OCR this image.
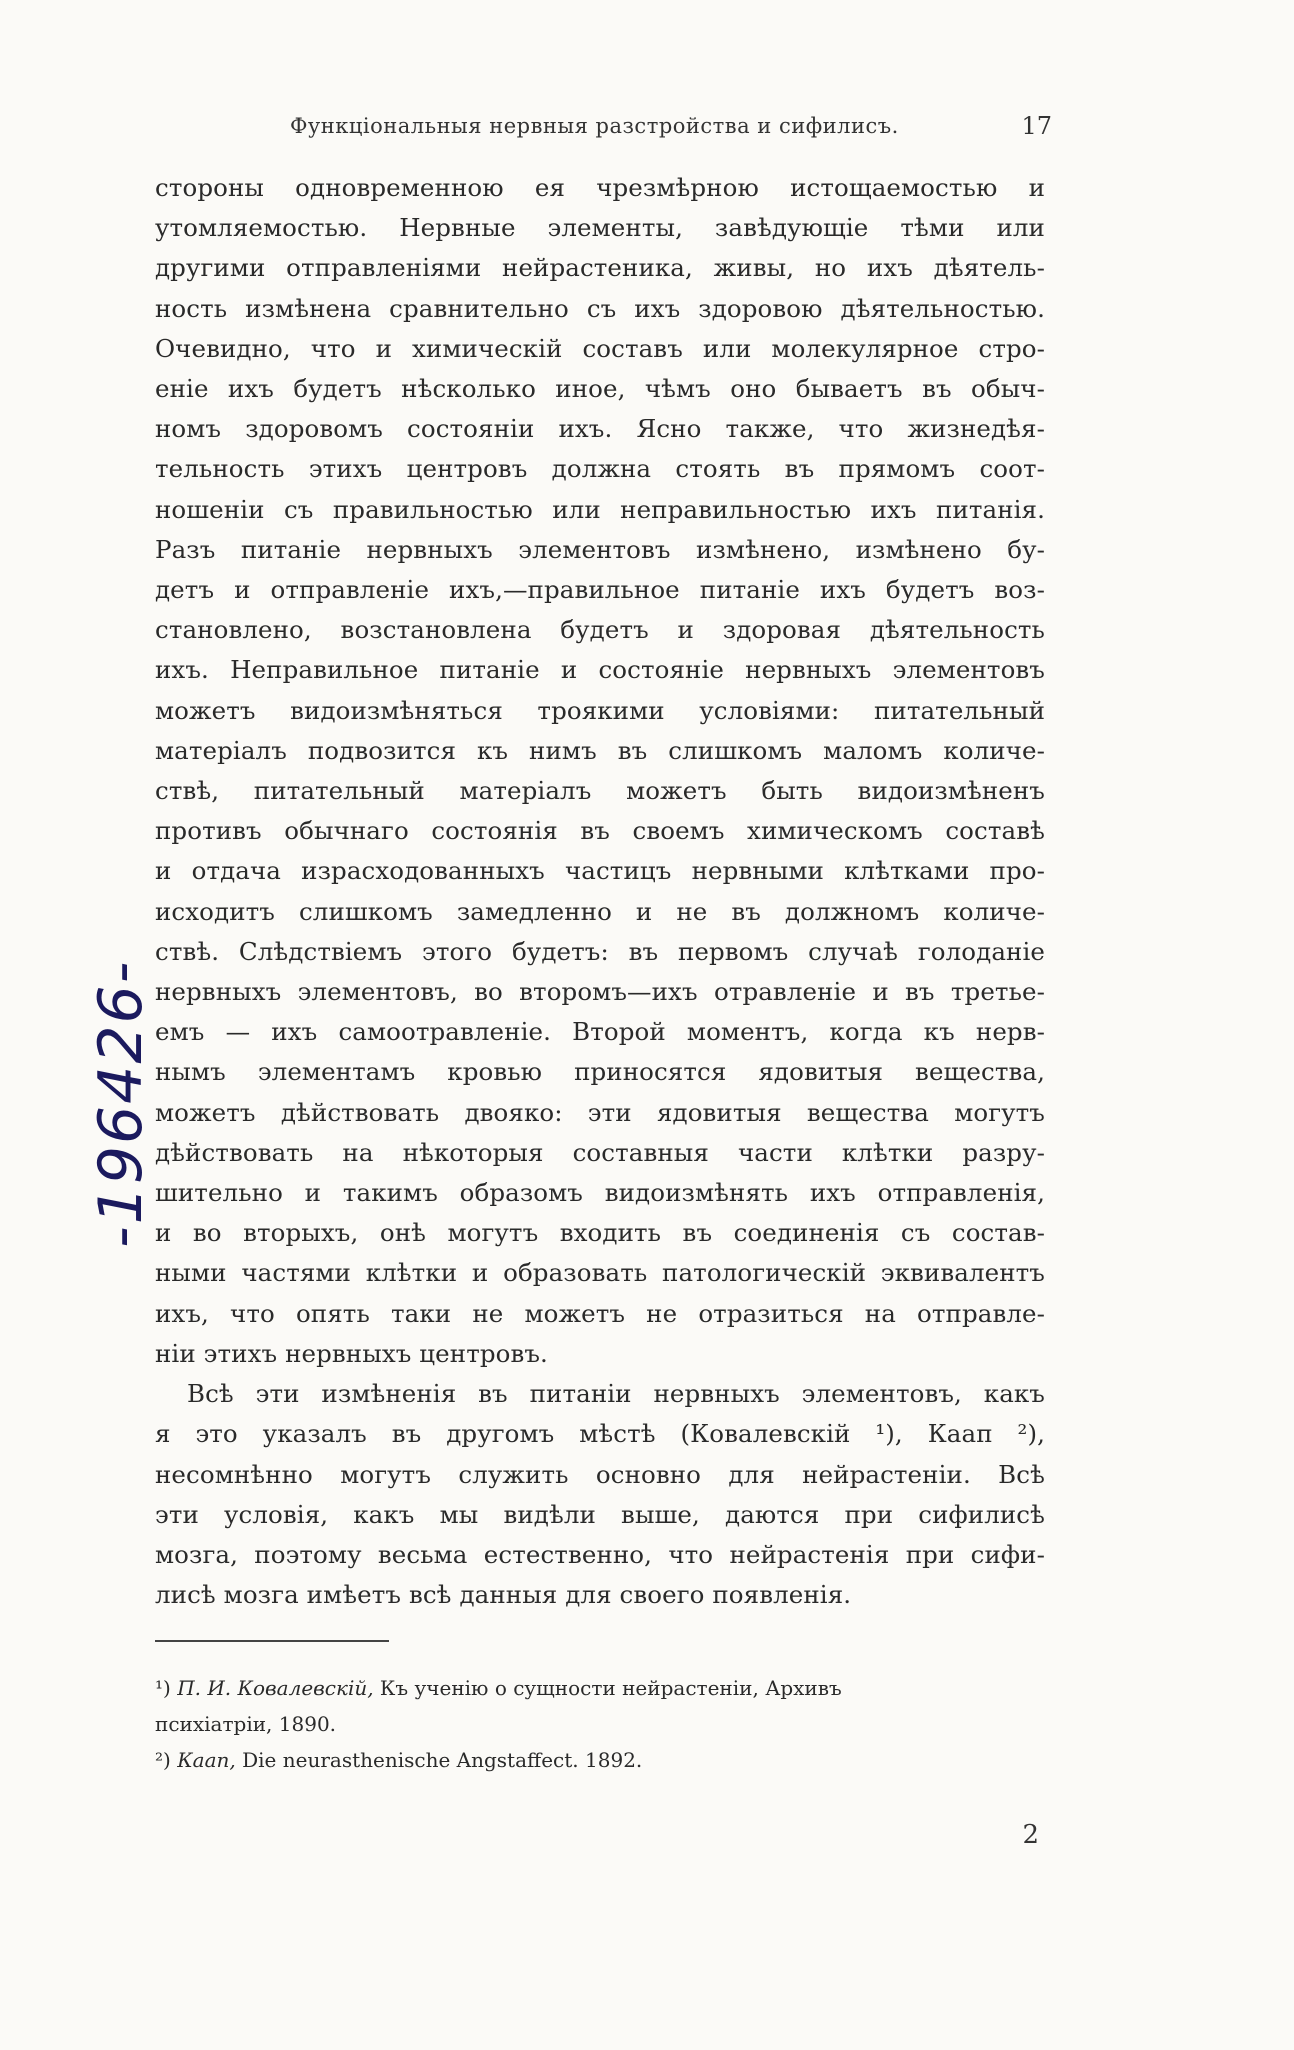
Функціональныя нервныя разстройства и сифилисъ.	17

стороны одновременною ея чрезмѣрною истощаемостью и

утомляемостью. Нервные элементы, завѣдующіе тѣми или

другими отправленіями нейрастеника, живы, но ихъ дѣятель-

ность измѣнена сравнительно съ ихъ здоровою дѣятельностью.

Очевидно, что и химическій составъ или молекулярное стро-

еніе ихъ будетъ нѣсколько иное, чѣмъ оно бываетъ въ обыч-

номъ здоровомъ состояніи ихъ. Ясно также, что жизнедѣя-

тельность этихъ центровъ должна стоять въ прямомъ соот-

ношеніи съ правильностью или неправильностью ихъ питанія.

Разъ питаніе нервныхъ элементовъ измѣнено, измѣнено бу-

детъ и отправленіе ихъ,—правильное питаніе ихъ будетъ воз-

становлено, возстановлена будетъ и здоровая дѣятельность

ихъ. Неправильное питаніе и состояніе нервныхъ элементовъ

можетъ видоизмѣняться троякими условіями: питательный

матеріалъ подвозится къ нимъ въ слишкомъ маломъ количе-

ствѣ, питательный матеріалъ можетъ быть видоизмѣненъ

противъ обычнаго состоянія въ своемъ химическомъ составѣ

и отдача израсходованныхъ частицъ нервными клѣтками про-

исходитъ слишкомъ замедленно и не въ должномъ количе-

ствѣ. Слѣдствіемъ этого будетъ: въ первомъ случаѣ голоданіе

нервныхъ элементовъ, во второмъ—ихъ отравленіе и въ третье-

емъ — ихъ самоотравленіе. Второй моментъ, когда къ нерв-

нымъ элементамъ кровью приносятся ядовитыя вещества,

можетъ дѣйствовать двояко: эти ядовитыя вещества могутъ

дѣйствовать на нѣкоторыя составныя части клѣтки разру-

шительно и такимъ образомъ видоизмѣнять ихъ отправленія,

и во вторыхъ, онѣ могутъ входить въ соединенія съ состав-

ными частями клѣтки и образовать патологическій эквивалентъ

ихъ, что опять таки не можетъ не отразиться на отправле-

ніи этихъ нервныхъ центровъ.

Всѣ эти измѣненія въ питаніи нервныхъ элементовъ, какъ

я это указалъ въ другомъ мѣстѣ (Ковалевскій ¹), Каап ²),

несомнѣнно могутъ служить основно для нейрастеніи. Всѣ

эти условія, какъ мы видѣли выше, даются при сифилисѣ

мозга, поэтому весьма естественно, что нейрастенія при сифи-

лисѣ мозга имѣетъ всѣ данныя для своего появленія.

¹) П. И. Ковалевскій, Къ ученію о сущности нейрастеніи, Архивъ

психіатріи, 1890.

²) Каап, Die neurasthenische Angstaffect. 1892.

2
-196426-
